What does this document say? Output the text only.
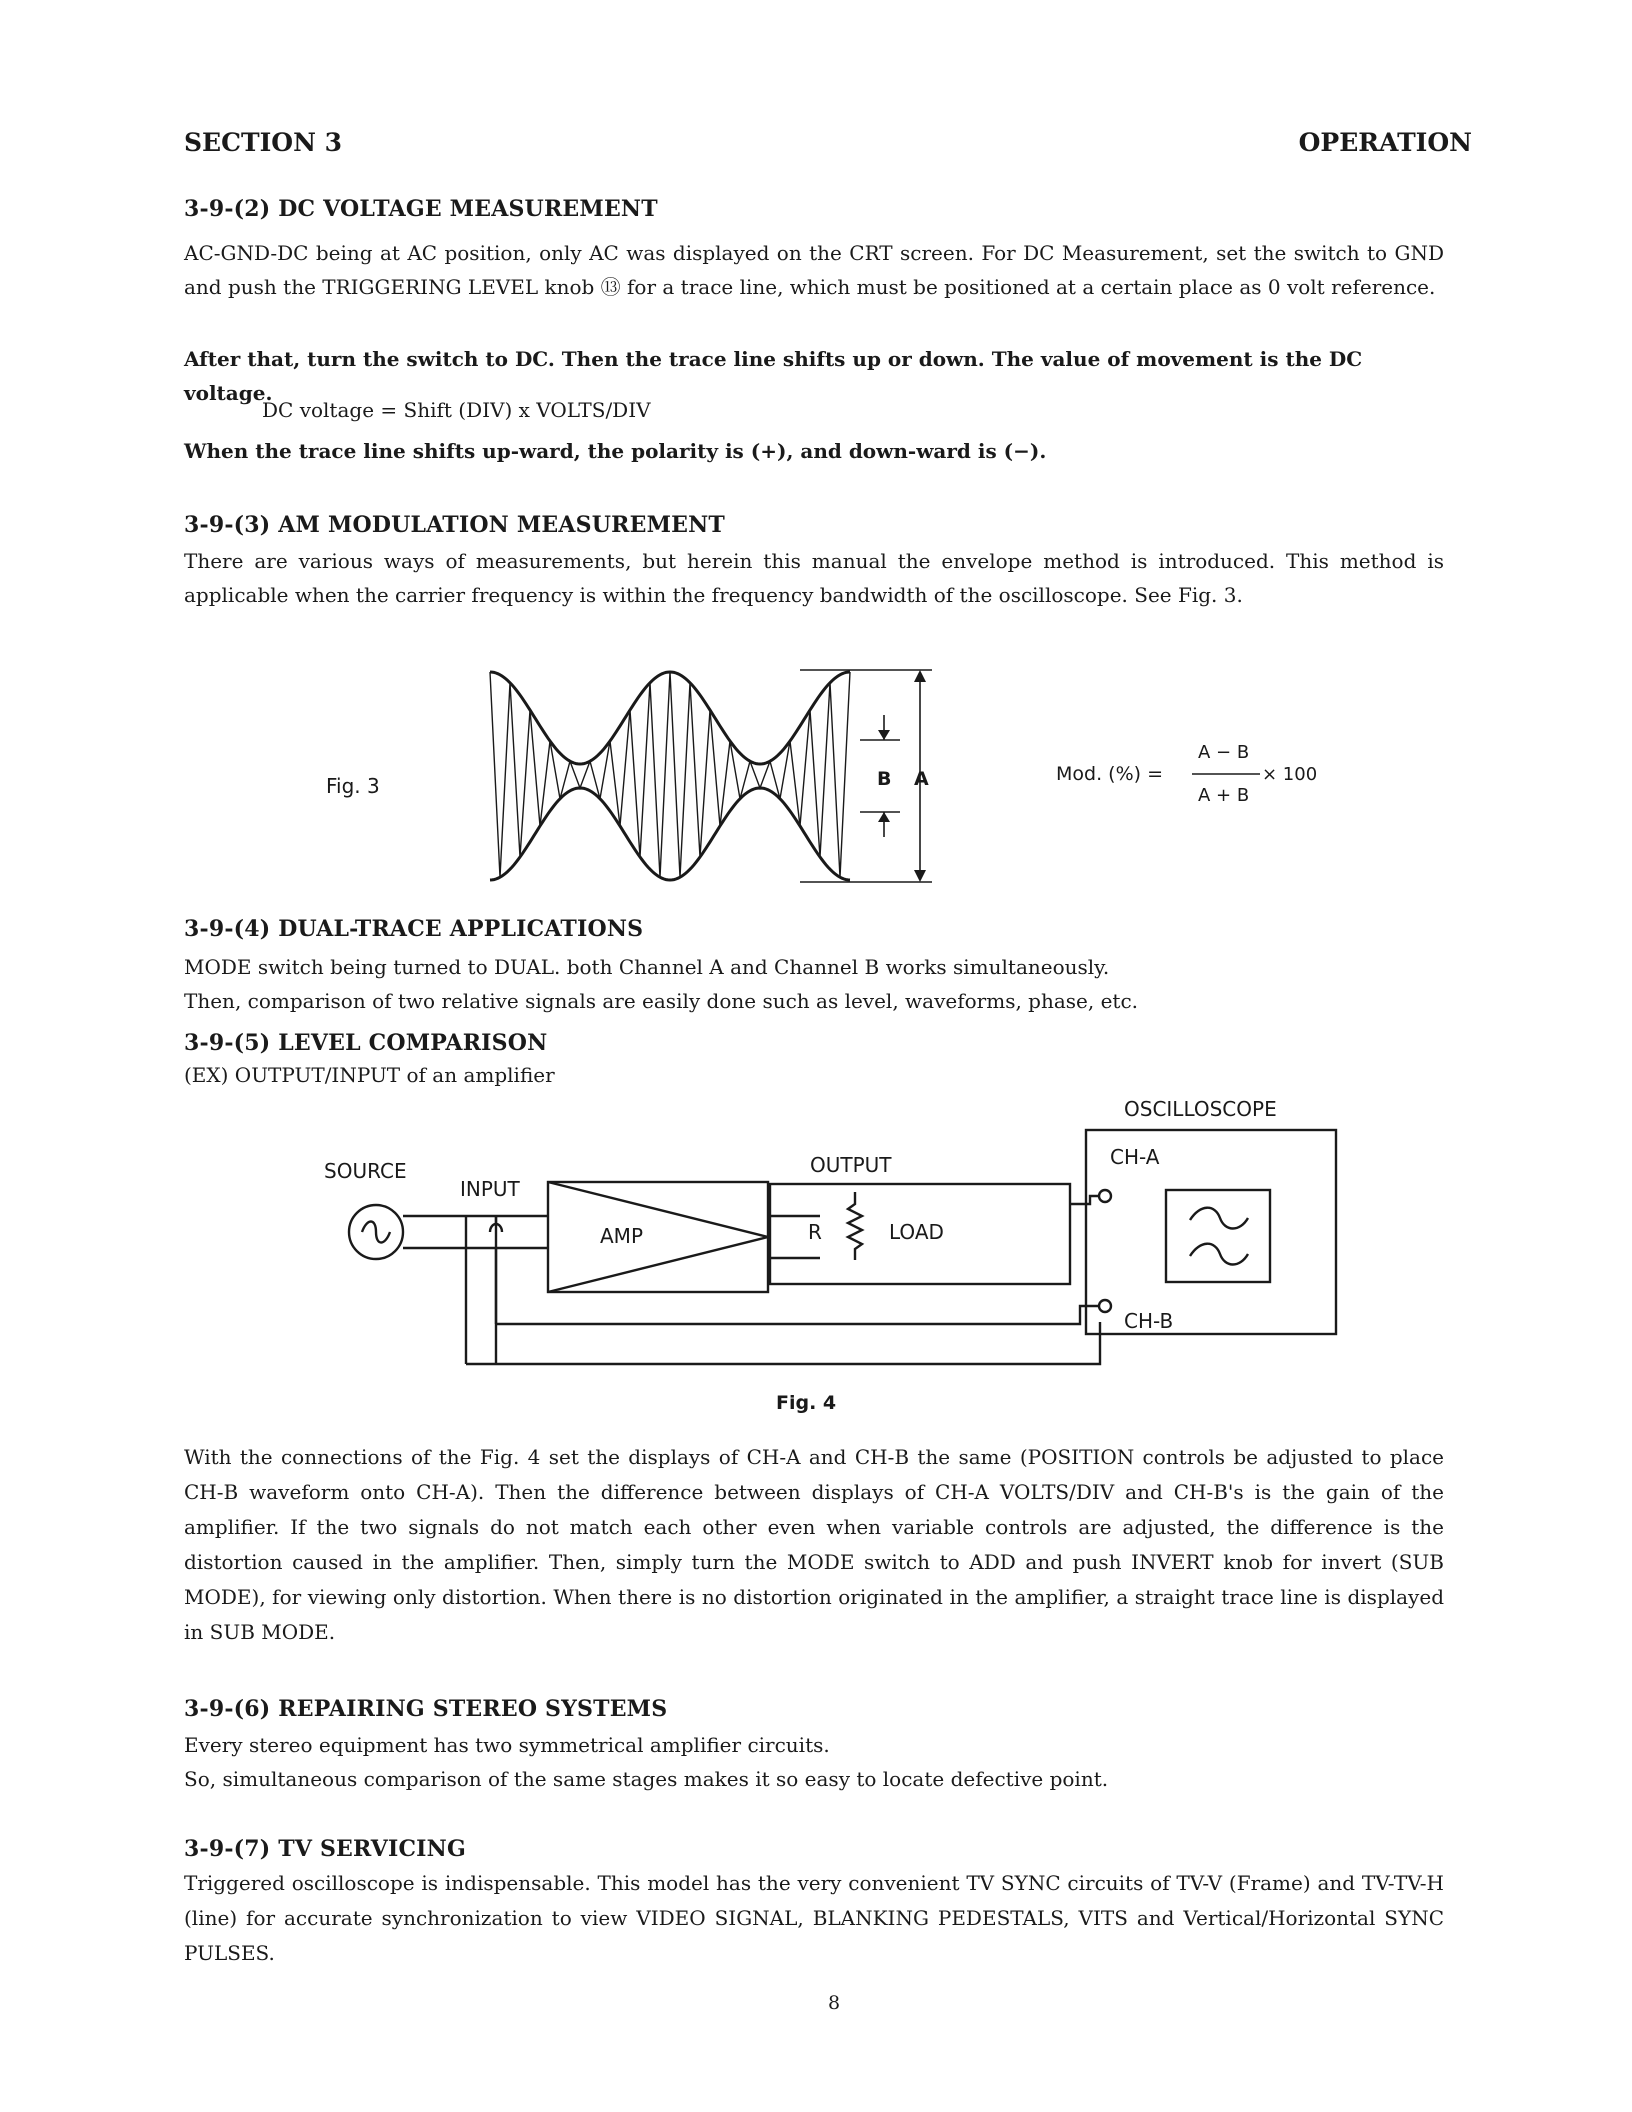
SECTION 3	OPERATION
3-9-(2) DC VOLTAGE MEASUREMENT
AC-GND-DC being at AC position, only AC was displayed on the CRT screen. For DC Measurement, set the switch to GND and push the TRIGGERING LEVEL knob ⑬ for a trace line, which must be positioned at a certain place as 0 volt reference.
After that, turn the switch to DC. Then the trace line shifts up or down. The value of movement is the DC voltage.
DC voltage = Shift (DIV) x VOLTS/DIV
When the trace line shifts up-ward, the polarity is (+), and down-ward is (−).
3-9-(3) AM MODULATION MEASUREMENT
There are various ways of measurements, but herein this manual the envelope method is introduced. This method is applicable when the carrier frequency is within the frequency bandwidth of the oscilloscope. See Fig. 3.
Fig. 3	B A	Mod. (%) =
A − B
A + B
× 100
3-9-(4) DUAL-TRACE APPLICATIONS
MODE switch being turned to DUAL. both Channel A and Channel B works simultaneously.
Then, comparison of two relative signals are easily done such as level, waveforms, phase, etc.
3-9-(5) LEVEL COMPARISON
(EX) OUTPUT/INPUT of an amplifier
OSCILLOSCOPE
SOURCE
INPUT
OUTPUT
AMP	R	LOAD
CH-A
CH-B
Fig. 4
With the connections of the Fig. 4 set the displays of CH-A and CH-B the same (POSITION controls be adjusted to place CH-B waveform onto CH-A). Then the difference between displays of CH-A VOLTS/DIV and CH-B's is the gain of the amplifier. If the two signals do not match each other even when variable controls are adjusted, the difference is the distortion caused in the amplifier. Then, simply turn the MODE switch to ADD and push INVERT knob for invert (SUB MODE), for viewing only distortion. When there is no distortion originated in the amplifier, a straight trace line is displayed in SUB MODE.
3-9-(6) REPAIRING STEREO SYSTEMS
Every stereo equipment has two symmetrical amplifier circuits.
So, simultaneous comparison of the same stages makes it so easy to locate defective point.
3-9-(7) TV SERVICING
Triggered oscilloscope is indispensable. This model has the very convenient TV SYNC circuits of TV-V (Frame) and TV-TV-H (line) for accurate synchronization to view VIDEO SIGNAL, BLANKING PEDESTALS, VITS and Vertical/Horizontal SYNC PULSES.
8
